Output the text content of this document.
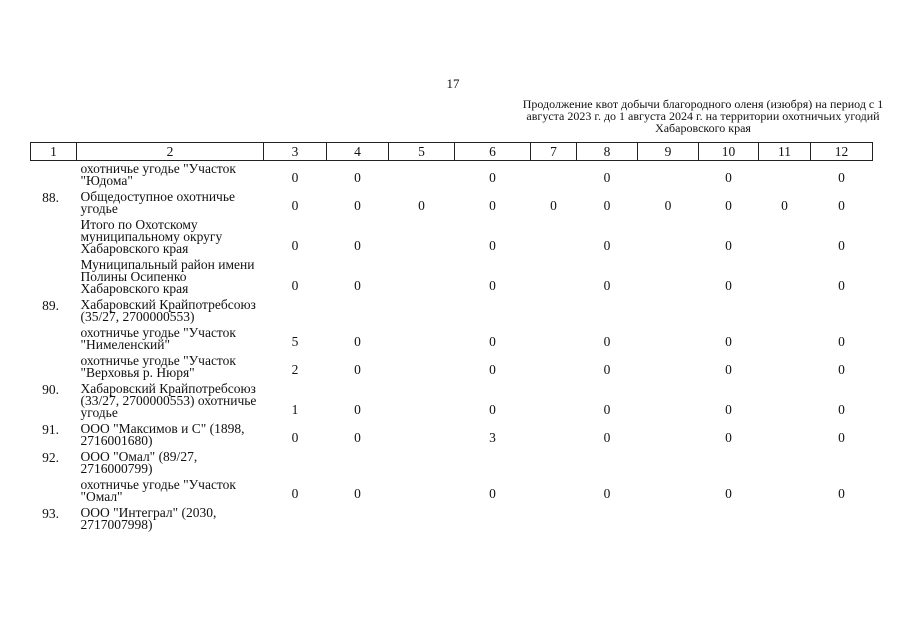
17
Продолжение квот добычи благородного оленя (изюбря) на период с 1 августа 2023 г. до 1 августа 2024 г. на территории охотничьих угодий Хабаровского края
1	2	3	4	5	6	7	8	9	10	11	12
	охотничье угодье "Участок "Юдома"	0	0		0		0		0		0
88.	Общедоступное охотничье угодье	0	0	0	0	0	0	0	0	0	0
	Итого по Охотскому муниципальному округу Хабаровского края	0	0		0		0		0		0
	Муниципальный район имени Полины Осипенко Хабаровского края	0	0		0		0		0		0
89.	Хабаровский Крайпотребсоюз (35/27, 2700000553)										
	охотничье угодье "Участок "Нимеленский"	5	0		0		0		0		0
	охотничье угодье "Участок "Верховья р. Нюря"	2	0		0		0		0		0
90.	Хабаровский Крайпотребсоюз (33/27, 2700000553) охотничье угодье	1	0		0		0		0		0
91.	ООО "Максимов и С" (1898, 2716001680)	0	0		3		0		0		0
92.	ООО "Омал" (89/27, 2716000799)										
	охотничье угодье "Участок "Омал"	0	0		0		0		0		0
93.	ООО "Интеграл" (2030, 2717007998)										
